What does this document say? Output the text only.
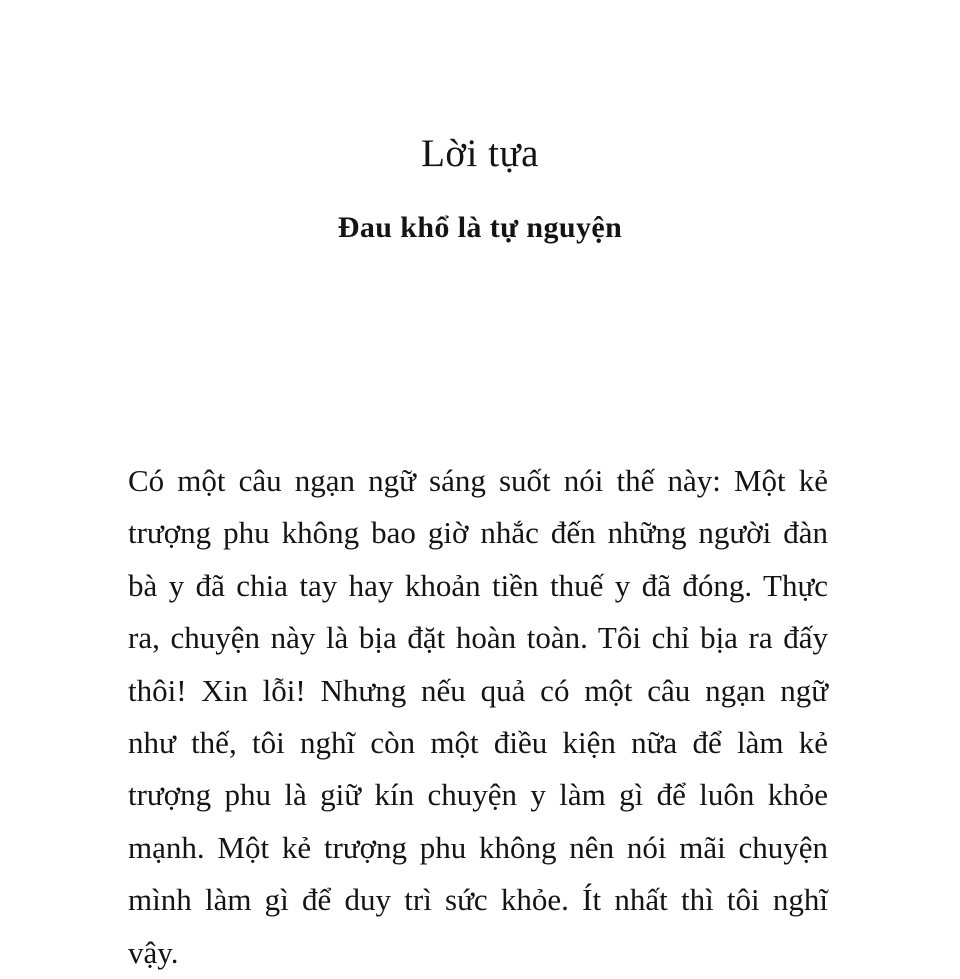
Lời tựa
Đau khổ là tự nguyện
Có một câu ngạn ngữ sáng suốt nói thế này: Một kẻ
trượng phu không bao giờ nhắc đến những người đàn
bà y đã chia tay hay khoản tiền thuế y đã đóng. Thực
ra, chuyện này là bịa đặt hoàn toàn. Tôi chỉ bịa ra đấy
thôi! Xin lỗi! Nhưng nếu quả có một câu ngạn ngữ
như thế, tôi nghĩ còn một điều kiện nữa để làm kẻ
trượng phu là giữ kín chuyện y làm gì để luôn khỏe
mạnh. Một kẻ trượng phu không nên nói mãi chuyện
mình làm gì để duy trì sức khỏe. Ít nhất thì tôi nghĩ
vậy.
